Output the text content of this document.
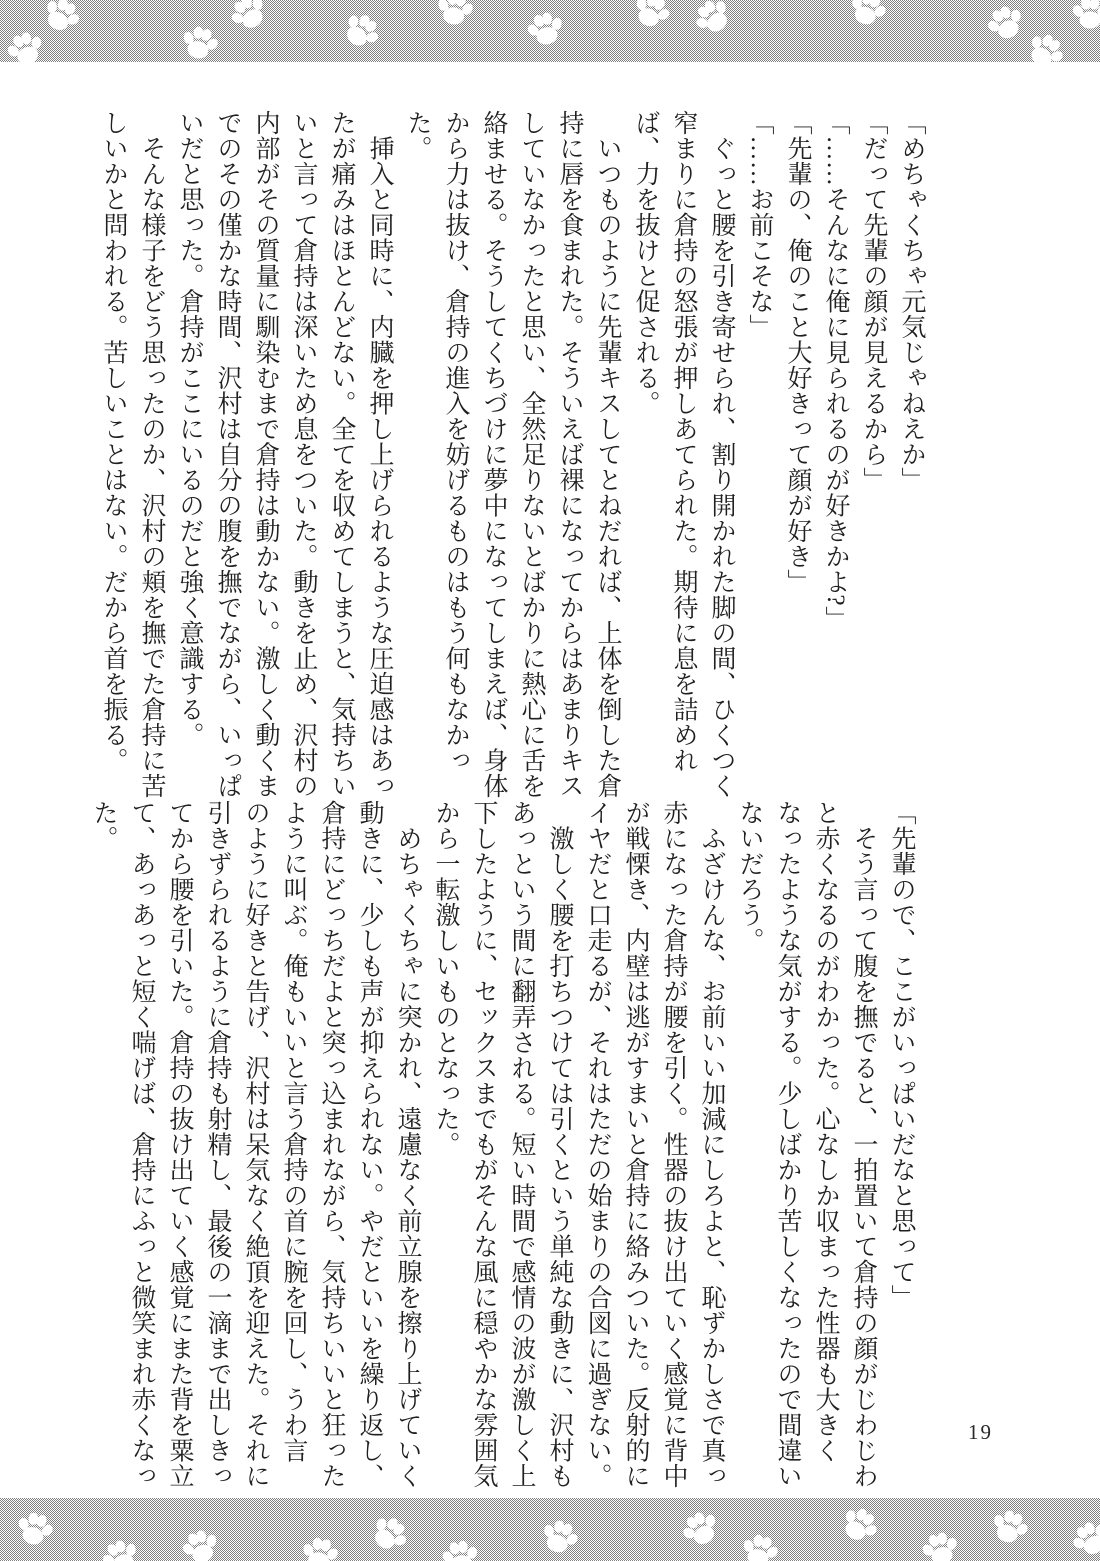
「めちゃくちゃ元気じゃねえか」

「だって先輩の顔が見えるから」

「……そんなに俺に見られるのが好きかよ?」

「先輩の、俺のこと大好きって顔が好き」

「……お前こそな」

　ぐっと腰を引き寄せられ、割り開かれた脚の間、ひくつく

窄まりに倉持の怒張が押しあてられた。期待に息を詰めれ

ば、力を抜けと促される。

　いつものように先輩キスしてとねだれば、上体を倒した倉

持に唇を食まれた。そういえば裸になってからはあまりキス

していなかったと思い、全然足りないとばかりに熱心に舌を

絡ませる。そうしてくちづけに夢中になってしまえば、身体

から力は抜け、倉持の進入を妨げるものはもう何もなかっ

た。

　挿入と同時に、内臓を押し上げられるような圧迫感はあっ

たが痛みはほとんどない。全てを収めてしまうと、気持ちい

いと言って倉持は深いため息をついた。動きを止め、沢村の

内部がその質量に馴染むまで倉持は動かない。激しく動くま

でのその僅かな時間、沢村は自分の腹を撫でながら、いっぱ

いだと思った。倉持がここにいるのだと強く意識する。

　そんな様子をどう思ったのか、沢村の頬を撫でた倉持に苦

しいかと問われる。苦しいことはない。だから首を振る。

「先輩ので、ここがいっぱいだなと思って」

　そう言って腹を撫でると、一拍置いて倉持の顔がじわじわ

と赤くなるのがわかった。心なしか収まった性器も大きく

なったような気がする。少しばかり苦しくなったので間違い

ないだろう。

　ふざけんな、お前いい加減にしろよと、恥ずかしさで真っ

赤になった倉持が腰を引く。性器の抜け出ていく感覚に背中

が戦慄き、内壁は逃がすまいと倉持に絡みついた。反射的に

イヤだと口走るが、それはただの始まりの合図に過ぎない。

　激しく腰を打ちつけては引くという単純な動きに、沢村も

あっという間に翻弄される。短い時間で感情の波が激しく上

下したように、セックスまでもがそんな風に穏やかな雰囲気

から一転激しいものとなった。

　めちゃくちゃに突かれ、遠慮なく前立腺を擦り上げていく

動きに、少しも声が抑えられない。やだといいを繰り返し、

倉持にどっちだよと突っ込まれながら、気持ちいいと狂った

ように叫ぶ。俺もいいと言う倉持の首に腕を回し、うわ言

のように好きと告げ、沢村は呆気なく絶頂を迎えた。それに

引きずられるように倉持も射精し、最後の一滴まで出しきっ

てから腰を引いた。倉持の抜け出ていく感覚にまた背を粟立

て、あっあっと短く喘げば、倉持にふっと微笑まれ赤くなっ

た。

19
